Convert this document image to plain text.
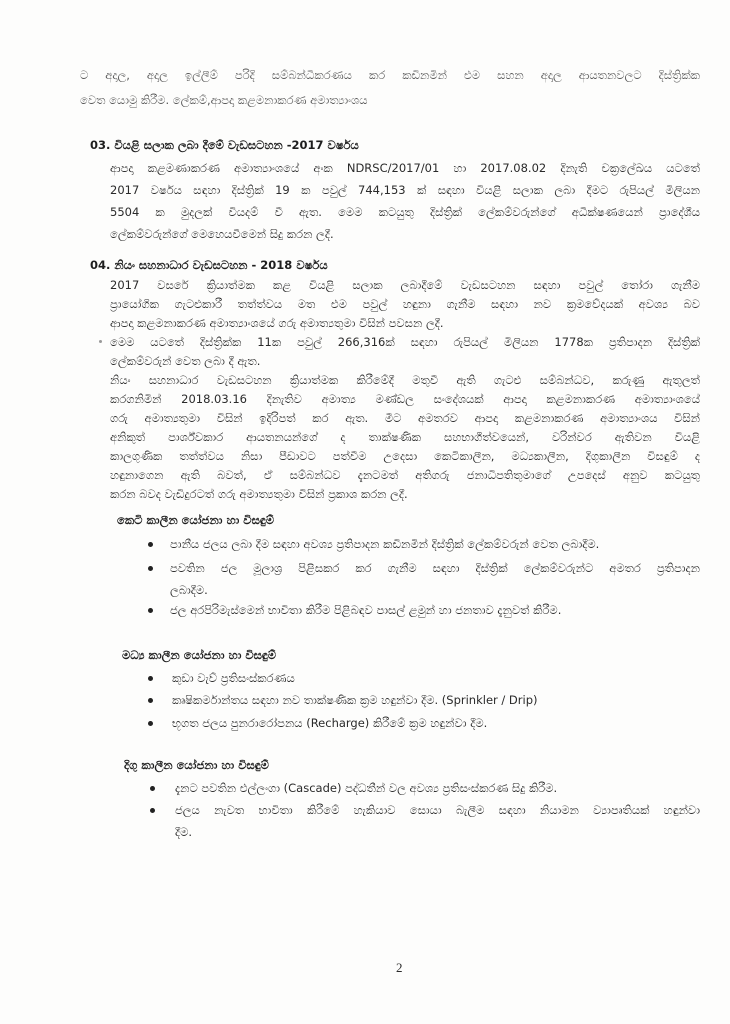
ට අදාල, අදාල ඉල්ලීම් පරිදි සම්බන්ධීකරණය කර කඩිනමින් එම සහන අදාල ආයතනවලට දිස්ත්‍රික්ක
වෙත යොමු කිරීම. ලේකම්,ආපදා කළමනාකරණ අමාත්‍යාංශය
03. වියළි සලාක ලබා දීමේ වැඩසටහන -2017 වර්ෂය
ආපදා කළමණාකරණ අමාත්‍යාංශයේ අංක NDRSC/2017/01 හා 2017.08.02 දිනැති චක්‍රලේඛය යටතේ
2017 වර්ෂය සඳහා දිස්ත්‍රික් 19 ක පවුල් 744,153 ක් සඳහා වියළි සලාක ලබා දීමට රුපියල් මිලියන
5504 ක මුදලක් වියදම් වී ඇත. මෙම කටයුතු දිස්ත්‍රික් ලේකම්වරුන්ගේ අධීක්ෂණයෙන් ප්‍රාදේශීය
ලේකම්වරුන්ගේ මෙහෙයවීමෙන් සිදු කරන ලදී.
04. නියං සහනාධාර වැඩසටහන - 2018 වර්ෂය
2017 වසරේ ක්‍රියාත්මක කළ වියළි සලාක ලබාදීමේ වැඩසටහන සඳහා පවුල් තෝරා ගැනීම
ප්‍රායෝගික ගැටළුකාරී තත්ත්වය මත එම පවුල් හඳුනා ගැනීම සඳහා නව ක්‍රමවේදයක් අවශ්‍ය බව
ආපදා කළමනාකරණ අමාත්‍යාංශයේ ගරු අමාත්‍යතුමා විසින් පවසන ලදී.
මෙම යටතේ දිස්ත්‍රික්ක 11ක පවුල් 266,316ක් සඳහා රුපියල් මිලියන 1778ක ප්‍රතිපාදන දිස්ත්‍රික්
ලේකම්වරුන් වෙත ලබා දී ඇත.
නියං සහනාධාර වැඩසටහන ක්‍රියාත්මක කිරීමේදී මතුවී ඇති ගැටළු සම්බන්ධව, කරුණු ඇතුලත්
කරගනිමින් 2018.03.16 දිනැතිව අමාත්‍ය මණ්ඩල සංදේශයක් ආපදා කළමනාකරණ අමාත්‍යාංශයේ
ගරු අමාත්‍යතුමා විසින් ඉදිරිපත් කර ඇත. මීට අමතරව ආපදා කළමනාකරණ අමාත්‍යාංශය විසින්
අනිකුත් පාර්ශ්වකාර ආයතනයන්ගේ ද තාක්ෂණික සහභාගීත්වයෙන්, වරින්වර ඇතිවන වියළි
කාලගුණික තත්ත්වය නිසා පීඩාවට පත්වීම උදෙසා කෙටිකාලීන, මධ්‍යකාලීන, දිගුකාලීන විසඳුම් ද
හඳුනාගෙන ඇති බවත්, ඒ සම්බන්ධව දැනටමත් අතිගරු ජනාධිපතිතුමාගේ උපදෙස් අනුව කටයුතු
කරන බවද වැඩිදුරටත් ගරු අමාත්‍යතුමා විසින් ප්‍රකාශ කරන ලදී.
කෙටි කාලීන යෝජනා හා විසඳුම්
පානීය ජලය ලබා දීම සඳහා අවශ්‍ය ප්‍රතිපාදන කඩිනමින් දිස්ත්‍රික් ලේකම්වරුන් වෙත ලබාදීම.
පවතින ජල මූලාශ්‍ර පිළිසකර කර ගැනීම සඳහා දිස්ත්‍රික් ලේකම්වරුන්ට අමතර ප්‍රතිපාදන
ලබාදීම.
ජල අරපිරිමැස්මෙන් භාවිතා කිරීම පිළිබඳව පාසල් ළමුන් හා ජනතාව දැනුවත් කිරීම.
මධ්‍ය කාලීන යෝජනා හා විසඳුම්
කුඩා වැව් ප්‍රතිසංස්කරණය
කෘෂිකර්මාන්තය සඳහා නව තාක්ෂණික ක්‍රම හඳුන්වා දීම. (Sprinkler / Drip)
භූගත ජලය පුනරාරෝපනය (Recharge) කිරීමේ ක්‍රම හඳුන්වා දීම.
දිගු කාලීන යෝජනා හා විසඳුම්
දැනට පවතින එල්ලංගා (Cascade) පද්ධතීන් වල අවශ්‍ය ප්‍රතිසංස්කරණ සිදු කිරීම.
ජලය නැවත භාවිතා කිරීමේ හැකියාව සොයා බැලීම සඳහා නියාමන ව්‍යාපෘතියක් හඳුන්වා
දීම.
2
